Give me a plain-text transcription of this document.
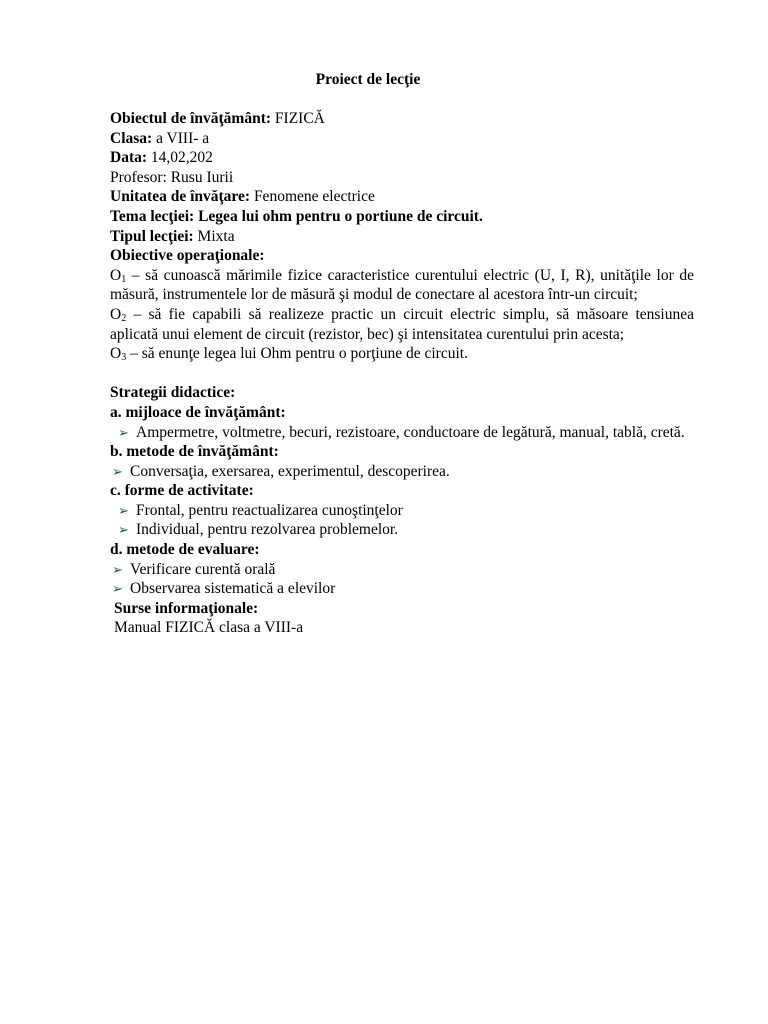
Proiect de lecţie
Obiectul de învăţământ: FIZICĂ
Clasa: a VIII- a
Data: 14,02,202
Profesor: Rusu Iurii
Unitatea de învăţare: Fenomene electrice
Tema lecţiei: Legea lui ohm pentru o portiune de circuit.
Tipul lecţiei: Mixta
Obiective operaţionale:
$O_1$ – să cunoască mărimile fizice caracteristice curentului electric (U, I, R), unităţile lor de măsură, instrumentele lor de măsură şi modul de conectare al acestora într-un circuit;
$O_2$ – să fie capabili să realizeze practic un circuit electric simplu, să măsoare tensiunea aplicată unui element de circuit (rezistor, bec) şi intensitatea curentului prin acesta;
$O_3$ – să enunţe legea lui Ohm pentru o porţiune de circuit.
Strategii didactice:
a. mijloace de învăţământ:
➢ Ampermetre, voltmetre, becuri, rezistoare, conductoare de legătură, manual, tablă, cretă.
b. metode de învăţământ:
➢ Conversaţia, exersarea, experimentul, descoperirea.
c. forme de activitate:
➢ Frontal, pentru reactualizarea cunoştinţelor
➢ Individual, pentru rezolvarea problemelor.
d. metode de evaluare:
➢ Verificare curentă orală
➢ Observarea sistematică a elevilor
Surse informaţionale:
Manual FIZICĂ clasa a VIII-a
